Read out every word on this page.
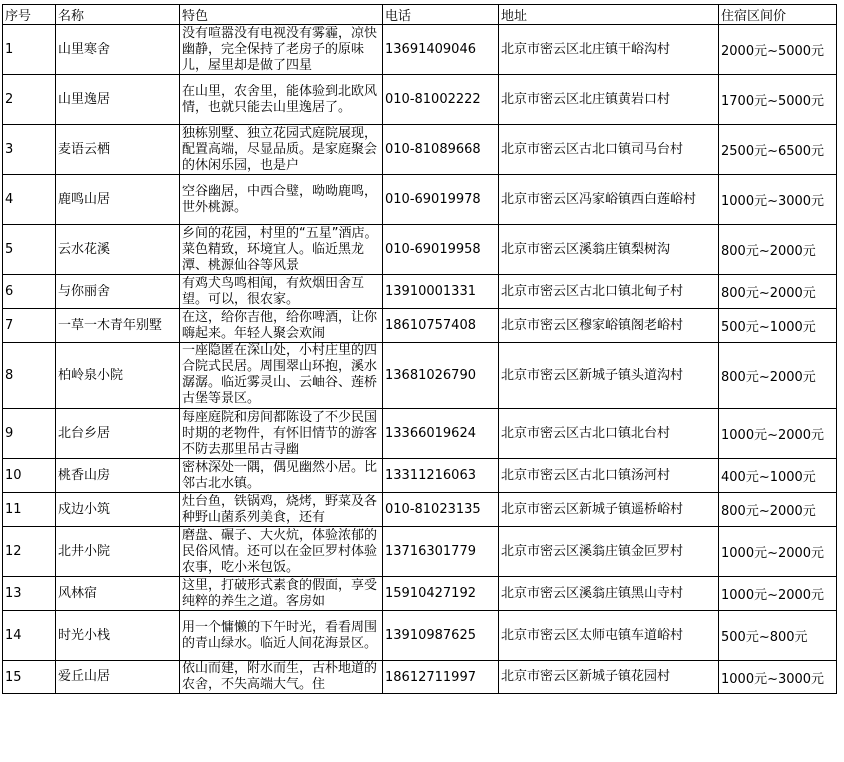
序号	名称	特色	电话	地址	住宿区间价
1	山里寒舍	没有喧嚣没有电视没有雾霾，凉快幽静，完全保持了老房子的原味儿，屋里却是做了四星	13691409046	北京市密云区北庄镇干峪沟村	2000元~5000元
2	山里逸居	在山里，农舍里，能体验到北欧风情，也就只能去山里逸居了。	010-81002222	北京市密云区北庄镇黄岩口村	1700元~5000元
3	麦语云栖	独栋别墅、独立花园式庭院展现，配置高端，尽显品质。是家庭聚会的休闲乐园，也是户	010-81089668	北京市密云区古北口镇司马台村	2500元~6500元
4	鹿鸣山居	空谷幽居，中西合璧，呦呦鹿鸣，世外桃源。	010-69019978	北京市密云区冯家峪镇西白莲峪村	1000元~3000元
5	云水花溪	乡间的花园，村里的“五星”酒店。菜色精致，环境宜人。临近黑龙潭、桃源仙谷等风景	010-69019958	北京市密云区溪翁庄镇梨树沟	800元~2000元
6	与你丽舍	有鸡犬鸟鸣相闻，有炊烟田舍互望。可以，很农家。	13910001331	北京市密云区古北口镇北甸子村	800元~2000元
7	一草一木青年别墅	在这，给你吉他，给你啤酒，让你嗨起来。年轻人聚会欢闹	18610757408	北京市密云区穆家峪镇阁老峪村	500元~1000元
8	柏岭泉小院	一座隐匿在深山处，小村庄里的四合院式民居。周围翠山环抱，溪水潺潺。临近雾灵山、云岫谷、莲桥古堡等景区。	13681026790	北京市密云区新城子镇头道沟村	800元~2000元
9	北台乡居	每座庭院和房间都陈设了不少民国时期的老物件，有怀旧情节的游客不防去那里吊古寻幽	13366019624	北京市密云区古北口镇北台村	1000元~2000元
10	桃香山房	密林深处一隅，偶见幽然小居。比邻古北水镇。	13311216063	北京市密云区古北口镇汤河村	400元~1000元
11	戍边小筑	灶台鱼，铁锅鸡，烧烤，野菜及各种野山菌系列美食，还有	010-81023135	北京市密云区新城子镇遥桥峪村	800元~2000元
12	北井小院	磨盘、碾子、大火炕，体验浓郁的民俗风情。还可以在金叵罗村体验农事，吃小米包饭。	13716301779	北京市密云区溪翁庄镇金叵罗村	1000元~2000元
13	风林宿	这里，打破形式素食的假面，享受纯粹的养生之道。客房如	15910427192	北京市密云区溪翁庄镇黑山寺村	1000元~2000元
14	时光小栈	用一个慵懒的下午时光，看看周围的青山绿水。临近人间花海景区。	13910987625	北京市密云区太师屯镇车道峪村	500元~800元
15	爱丘山居	依山而建，附水而生，古朴地道的农舍，不失高端大气。住	18612711997	北京市密云区新城子镇花园村	1000元~3000元
